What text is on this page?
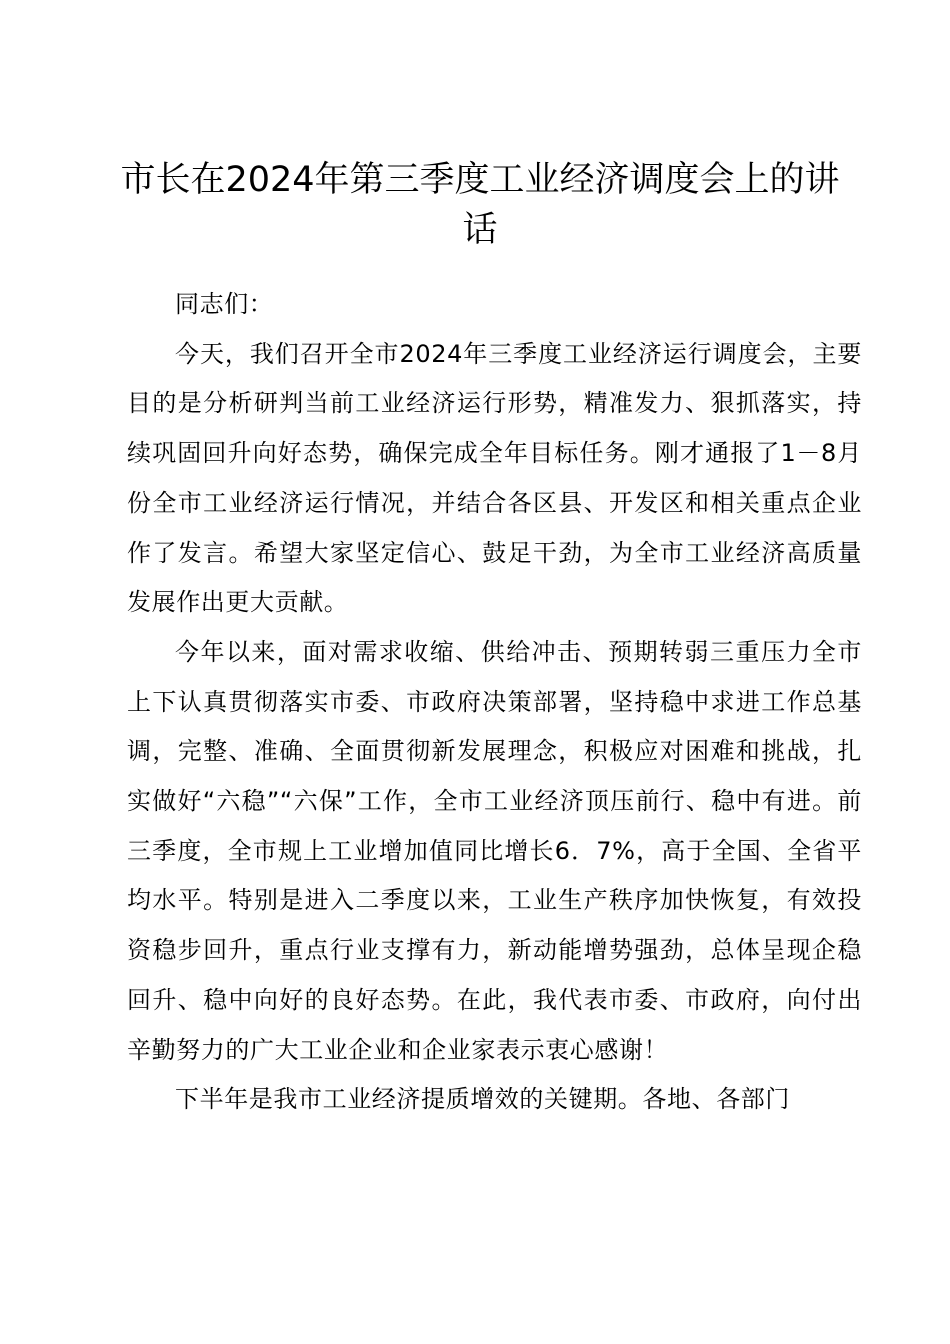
市长在2024年第三季度工业经济调度会上的讲话

同志们：

今天，我们召开全市2024年三季度工业经济运行调度会，主要目的是分析研判当前工业经济运行形势，精准发力、狠抓落实，持续巩固回升向好态势，确保完成全年目标任务。刚才通报了1－8月份全市工业经济运行情况，并结合各区县、开发区和相关重点企业作了发言。希望大家坚定信心、鼓足干劲，为全市工业经济高质量发展作出更大贡献。

今年以来，面对需求收缩、供给冲击、预期转弱三重压力全市上下认真贯彻落实市委、市政府决策部署，坚持稳中求进工作总基调，完整、准确、全面贯彻新发展理念，积极应对困难和挑战，扎实做好“六稳”“六保”工作，全市工业经济顶压前行、稳中有进。前三季度，全市规上工业增加值同比增长6．7%，高于全国、全省平均水平。特别是进入二季度以来，工业生产秩序加快恢复，有效投资稳步回升，重点行业支撑有力，新动能增势强劲，总体呈现企稳回升、稳中向好的良好态势。在此，我代表市委、市政府，向付出辛勤努力的广大工业企业和企业家表示衷心感谢！

下半年是我市工业经济提质增效的关键期。各地、各部门
